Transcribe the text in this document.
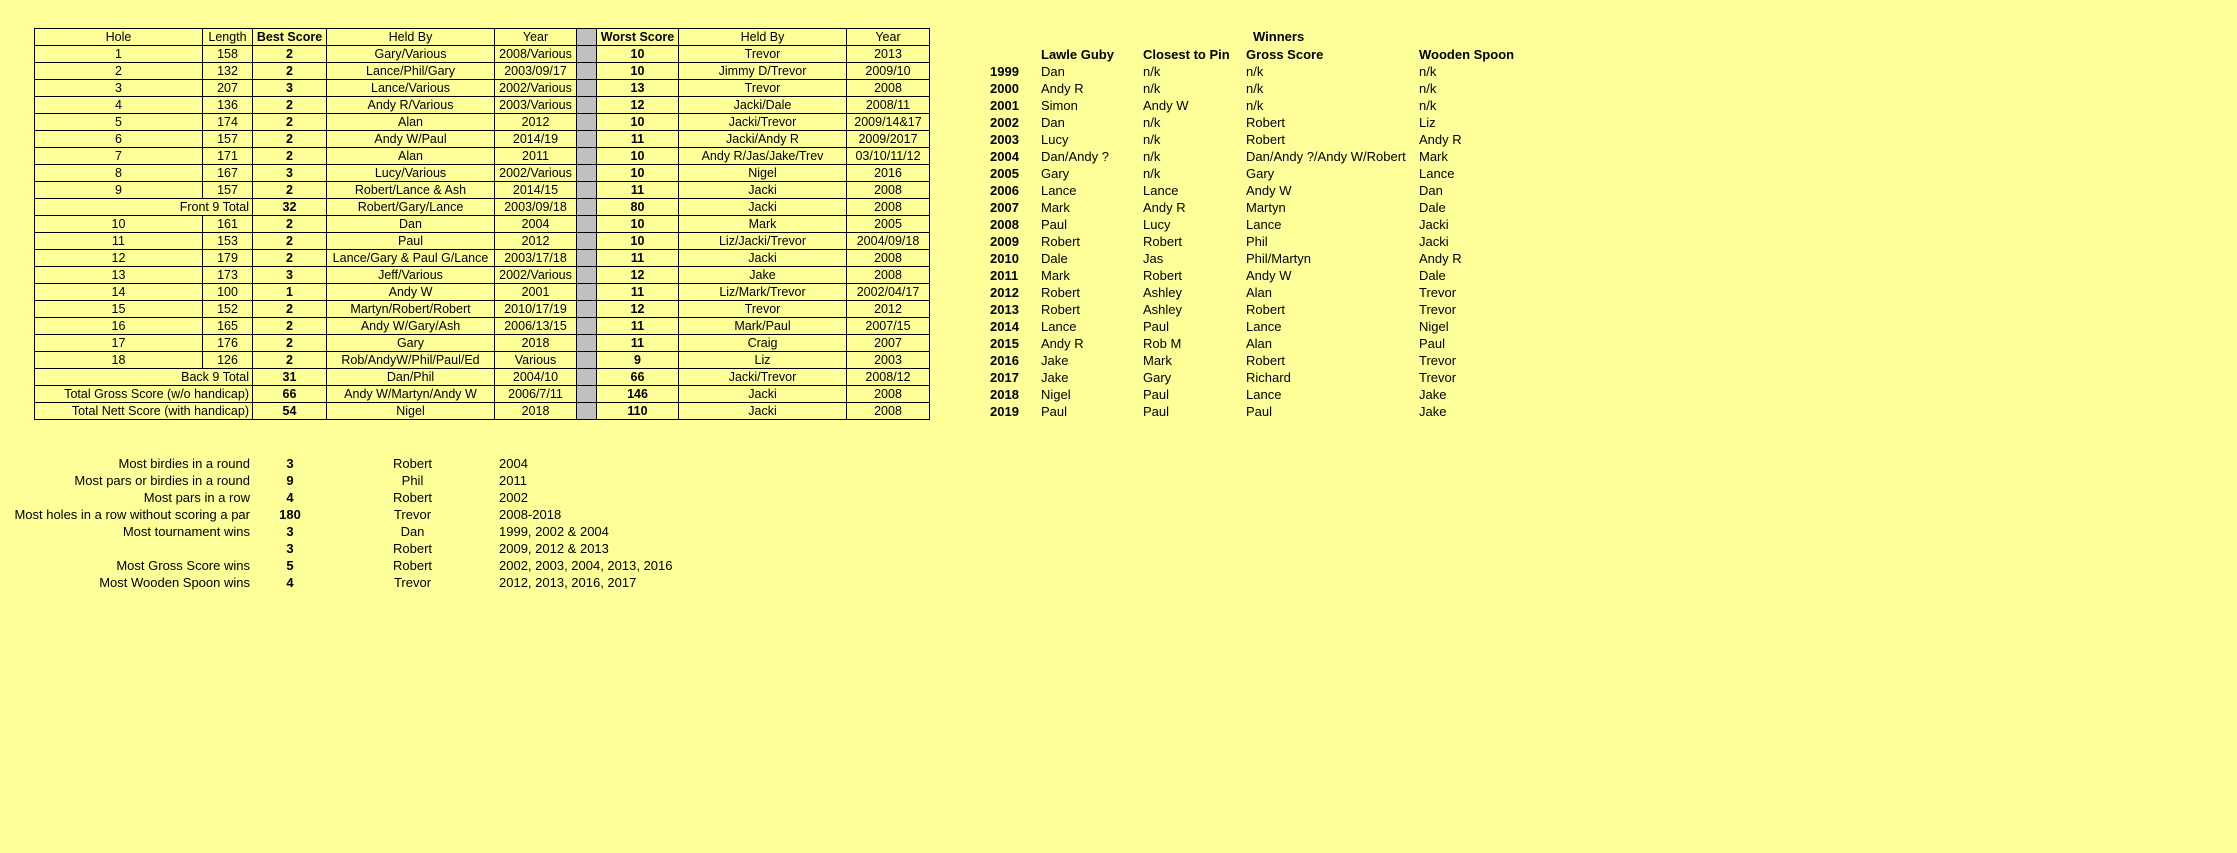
Hole	Length	Best Score	Held By	Year		Worst Score	Held By	Year
1	158	2	Gary/Various	2008/Various		10	Trevor	2013
2	132	2	Lance/Phil/Gary	2003/09/17		10	Jimmy D/Trevor	2009/10
3	207	3	Lance/Various	2002/Various		13	Trevor	2008
4	136	2	Andy R/Various	2003/Various		12	Jacki/Dale	2008/11
5	174	2	Alan	2012		10	Jacki/Trevor	2009/14&17
6	157	2	Andy W/Paul	2014/19		11	Jacki/Andy R	2009/2017
7	171	2	Alan	2011		10	Andy R/Jas/Jake/Trev	03/10/11/12
8	167	3	Lucy/Various	2002/Various		10	Nigel	2016
9	157	2	Robert/Lance & Ash	2014/15		11	Jacki	2008
Front 9 Total		32	Robert/Gary/Lance	2003/09/18		80	Jacki	2008
10	161	2	Dan	2004		10	Mark	2005
11	153	2	Paul	2012		10	Liz/Jacki/Trevor	2004/09/18
12	179	2	Lance/Gary & Paul G/Lance	2003/17/18		11	Jacki	2008
13	173	3	Jeff/Various	2002/Various		12	Jake	2008
14	100	1	Andy W	2001		11	Liz/Mark/Trevor	2002/04/17
15	152	2	Martyn/Robert/Robert	2010/17/19		12	Trevor	2012
16	165	2	Andy W/Gary/Ash	2006/13/15		11	Mark/Paul	2007/15
17	176	2	Gary	2018		11	Craig	2007
18	126	2	Rob/AndyW/Phil/Paul/Ed	Various		9	Liz	2003
Back 9 Total		31	Dan/Phil	2004/10		66	Jacki/Trevor	2008/12
Total Gross Score (w/o handicap)		66	Andy W/Martyn/Andy W	2006/7/11		146	Jacki	2008
Total Nett Score (with handicap)		54	Nigel	2018		110	Jacki	2008
Winners
	Lawle Guby	Closest to Pin	Gross Score	Wooden Spoon
1999	Dan	n/k	n/k	n/k
2000	Andy R	n/k	n/k	n/k
2001	Simon	Andy W	n/k	n/k
2002	Dan	n/k	Robert	Liz
2003	Lucy	n/k	Robert	Andy R
2004	Dan/Andy ?	n/k	Dan/Andy ?/Andy W/Robert	Mark
2005	Gary	n/k	Gary	Lance
2006	Lance	Lance	Andy W	Dan
2007	Mark	Andy R	Martyn	Dale
2008	Paul	Lucy	Lance	Jacki
2009	Robert	Robert	Phil	Jacki
2010	Dale	Jas	Phil/Martyn	Andy R
2011	Mark	Robert	Andy W	Dale
2012	Robert	Ashley	Alan	Trevor
2013	Robert	Ashley	Robert	Trevor
2014	Lance	Paul	Lance	Nigel
2015	Andy R	Rob M	Alan	Paul
2016	Jake	Mark	Robert	Trevor
2017	Jake	Gary	Richard	Trevor
2018	Nigel	Paul	Lance	Jake
2019	Paul	Paul	Paul	Jake
Most birdies in a round	3	Robert	2004
Most pars or birdies in a round	9	Phil	2011
Most pars in a row	4	Robert	2002
Most holes in a row without scoring a par	180	Trevor	2008-2018
Most tournament wins	3	Dan	1999, 2002 & 2004
	3	Robert	2009, 2012 & 2013
Most Gross Score wins	5	Robert	2002, 2003, 2004, 2013, 2016
Most Wooden Spoon wins	4	Trevor	2012, 2013, 2016, 2017
